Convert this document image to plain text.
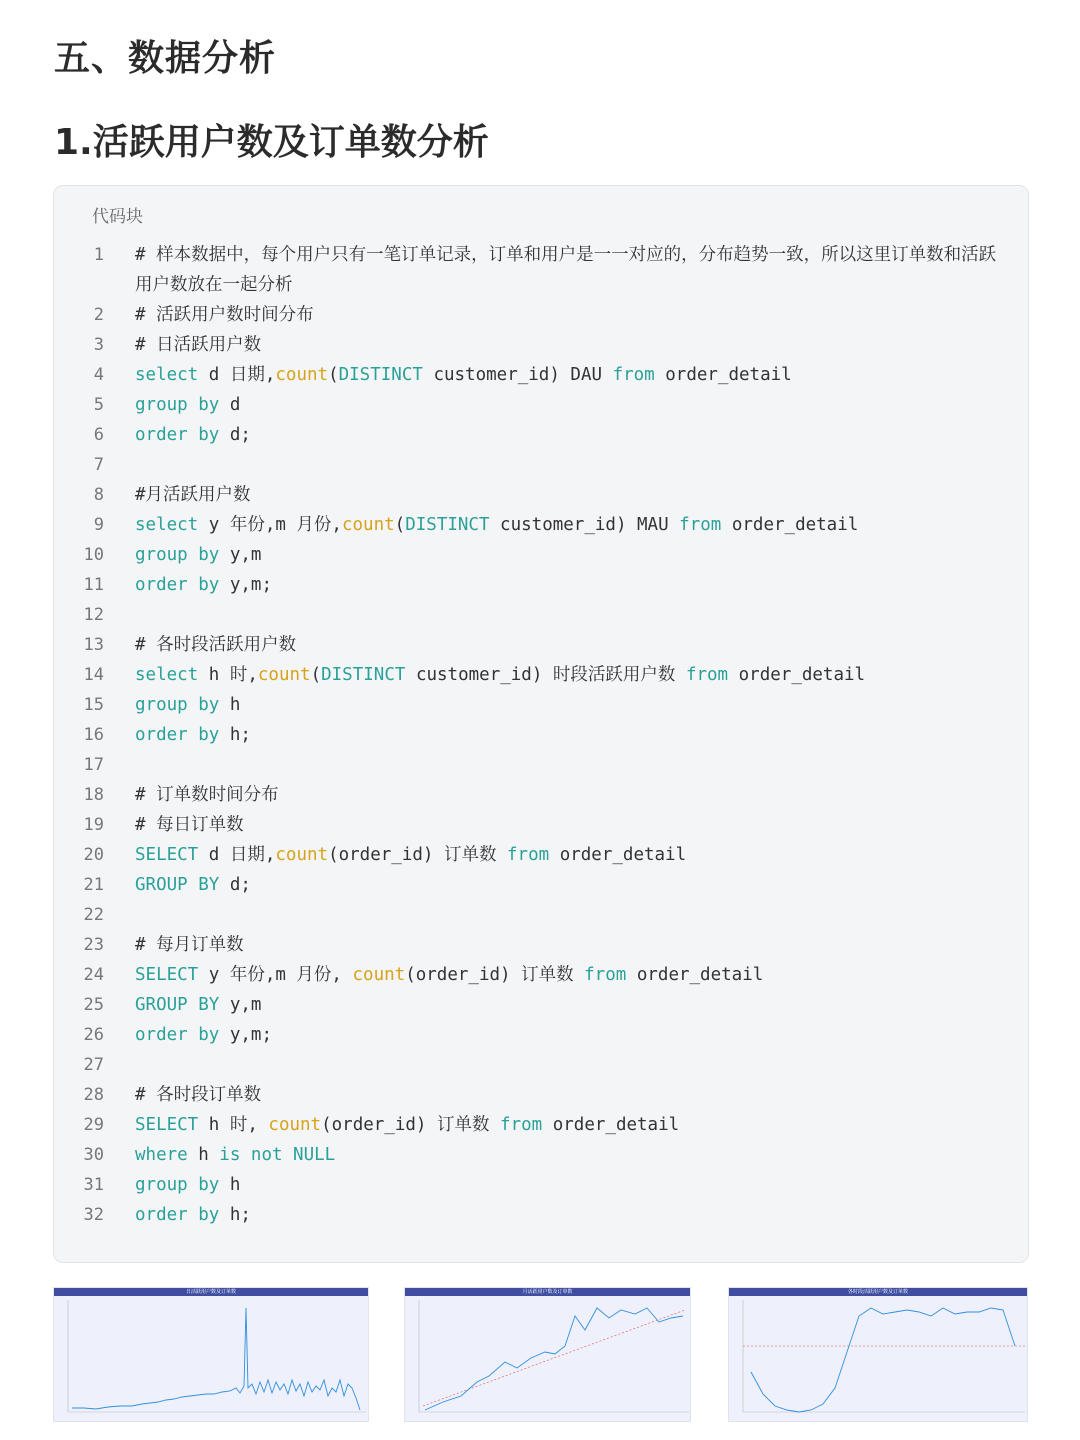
五、数据分析
1.活跃用户数及订单数分析
代码块
1	# 样本数据中，每个用户只有一笔订单记录，订单和用户是一一对应的，分布趋势一致，所以这里订单数和活跃用户数放在一起分析
2	# 活跃用户数时间分布
3	# 日活跃用户数
4	select d 日期,count(DISTINCT customer_id) DAU from order_detail
5	group by d
6	order by d;
7
8	#月活跃用户数
9	select y 年份,m 月份,count(DISTINCT customer_id) MAU from order_detail
10	group by y,m
11	order by y,m;
12
13	# 各时段活跃用户数
14	select h 时,count(DISTINCT customer_id) 时段活跃用户数 from order_detail
15	group by h
16	order by h;
17
18	# 订单数时间分布
19	# 每日订单数
20	SELECT d 日期,count(order_id) 订单数 from order_detail
21	GROUP BY d;
22
23	# 每月订单数
24	SELECT y 年份,m 月份, count(order_id) 订单数 from order_detail
25	GROUP BY y,m
26	order by y,m;
27
28	# 各时段订单数
29	SELECT h 时, count(order_id) 订单数 from order_detail
30	where h is not NULL
31	group by h
32	order by h;
日活跃用户数及订单数	月活跃用户数及订单数	各时段活跃用户数及订单数
